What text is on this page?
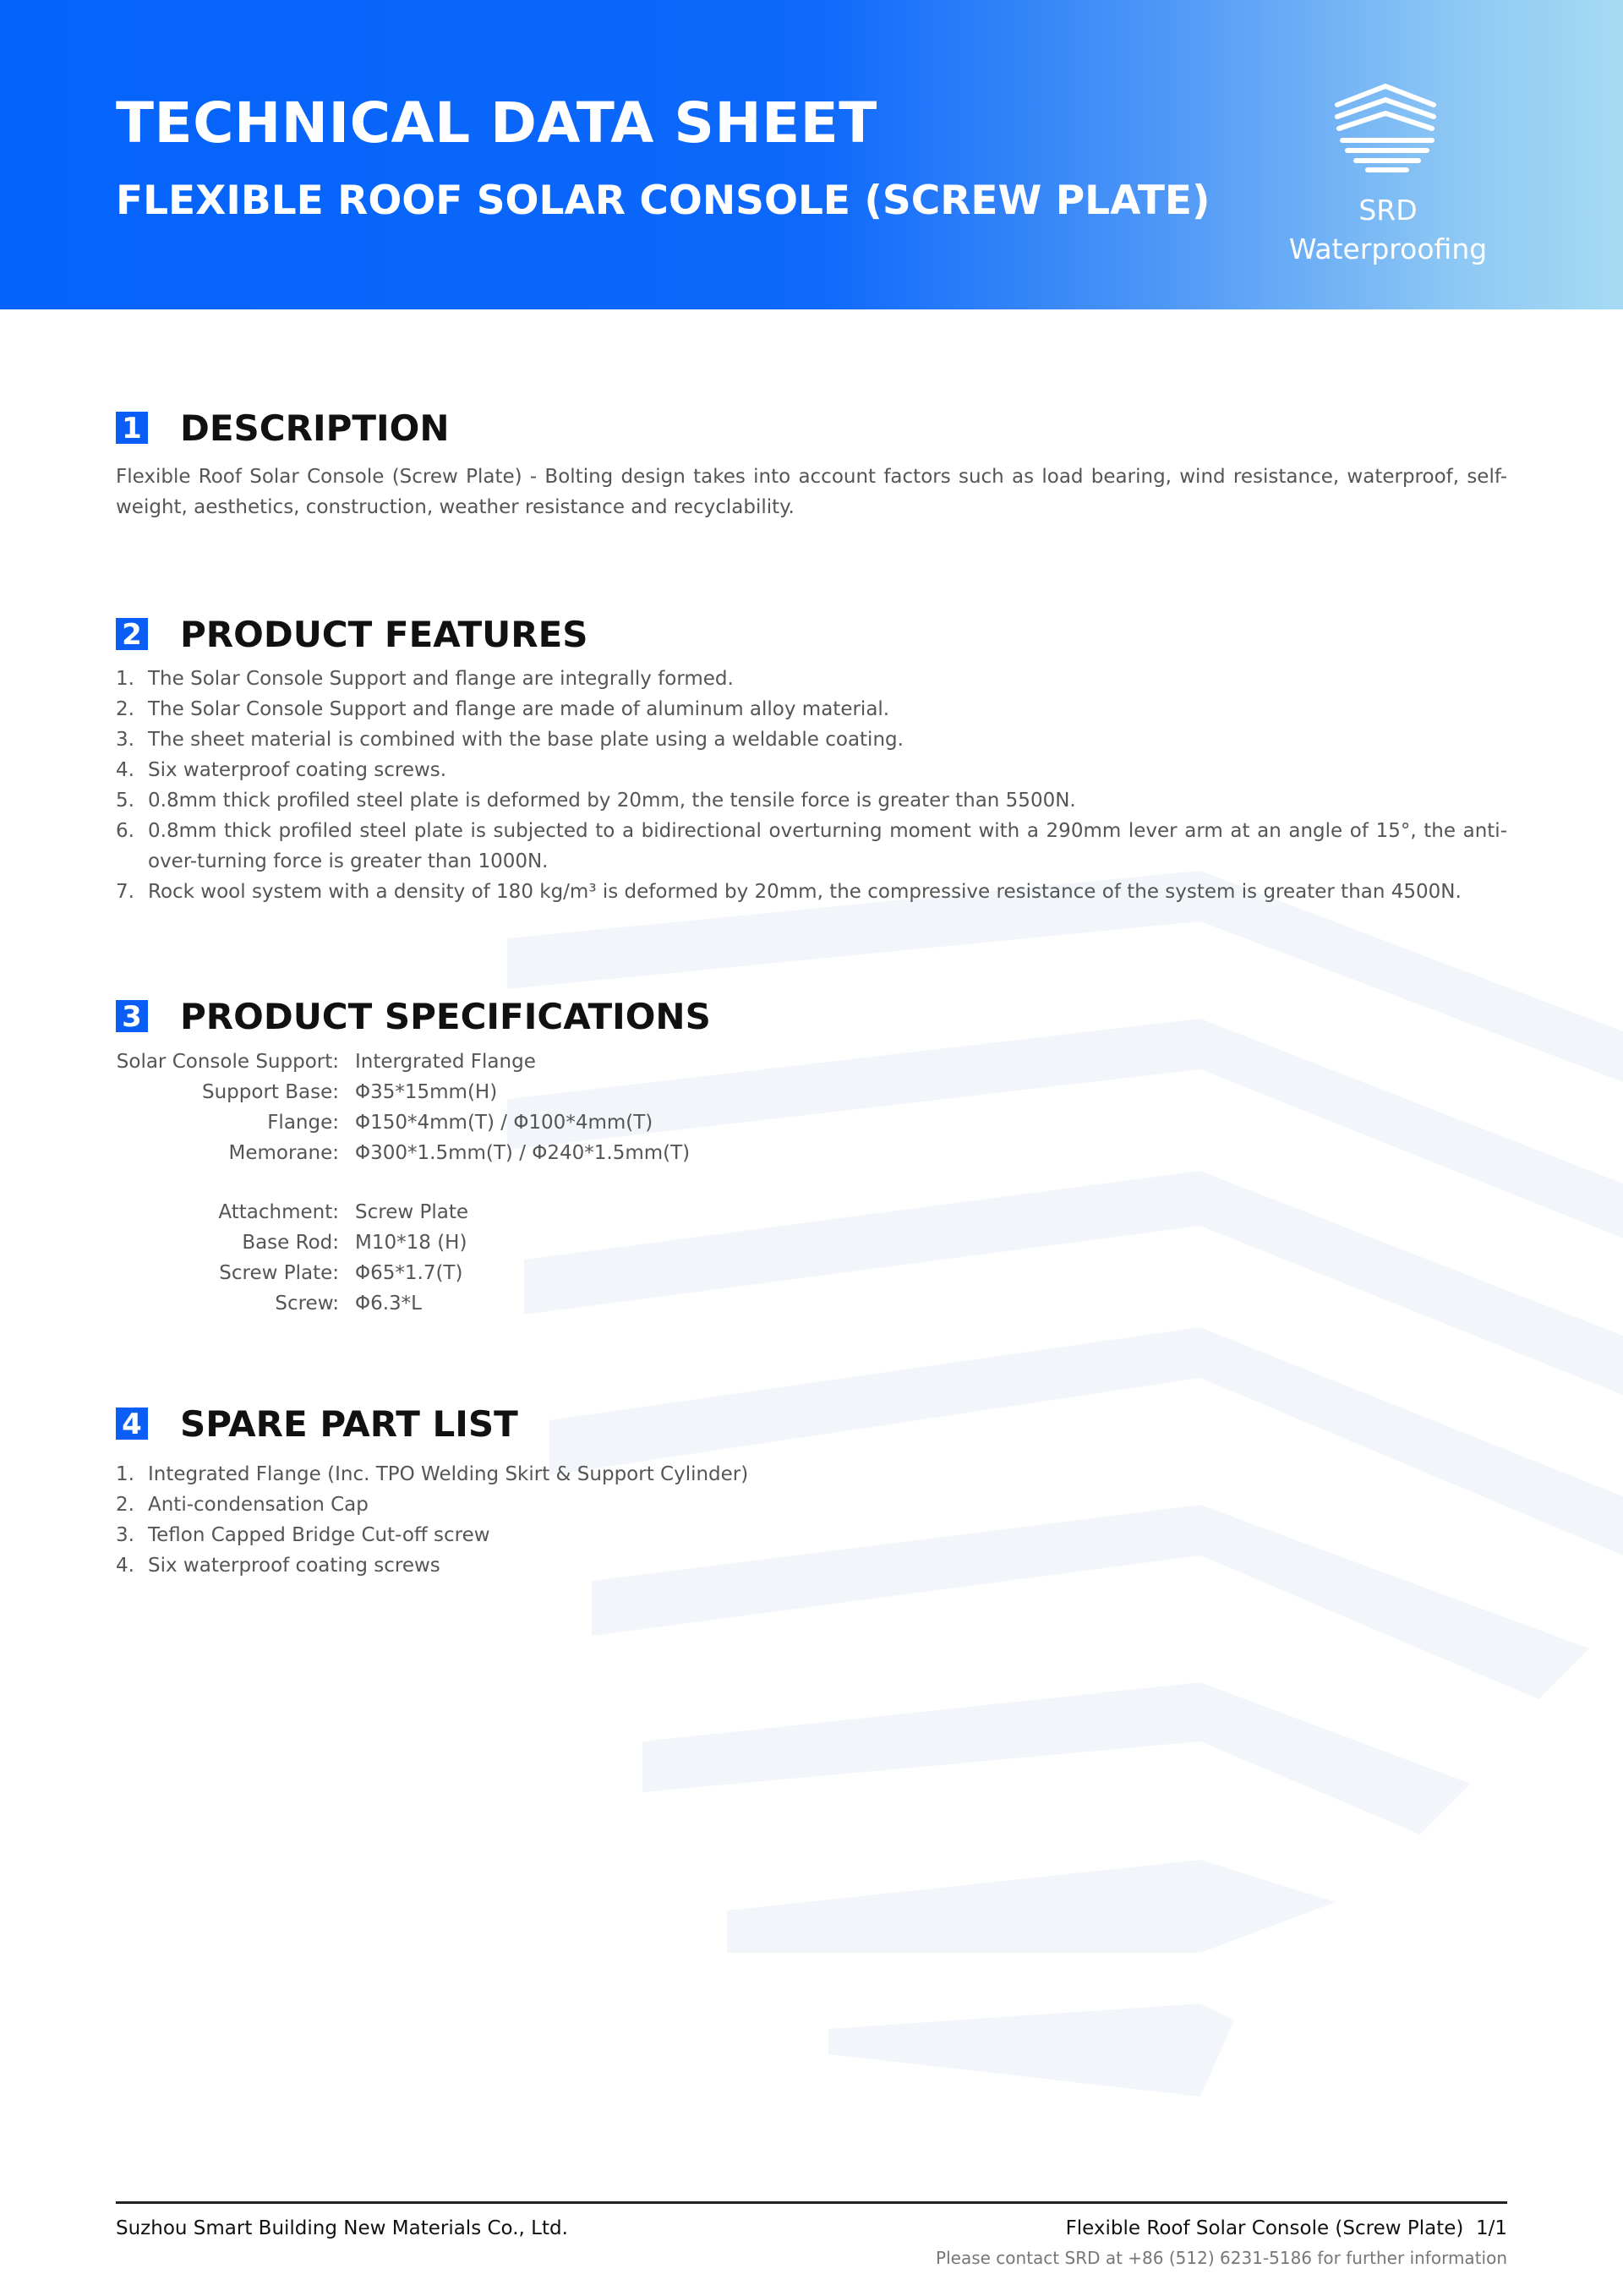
TECHNICAL DATA SHEET
FLEXIBLE ROOF SOLAR CONSOLE (SCREW PLATE)	SRD Waterproofing
1 DESCRIPTION
Flexible Roof Solar Console (Screw Plate) - Bolting design takes into account factors such as load bearing, wind resistance, waterproof, self-weight, aesthetics, construction, weather resistance and recyclability.
2 PRODUCT FEATURES
1. The Solar Console Support and flange are integrally formed.
2. The Solar Console Support and flange are made of aluminum alloy material.
3. The sheet material is combined with the base plate using a weldable coating.
4. Six waterproof coating screws.
5. 0.8mm thick profiled steel plate is deformed by 20mm, the tensile force is greater than 5500N.
6. 0.8mm thick profiled steel plate is subjected to a bidirectional overturning moment with a 290mm lever arm at an angle of 15°, the anti-over-turning force is greater than 1000N.
7. Rock wool system with a density of 180 kg/m³ is deformed by 20mm, the compressive resistance of the system is greater than 4500N.
3 PRODUCT SPECIFICATIONS
Solar Console Support: Intergrated Flange
Support Base: Φ35*15mm(H)
Flange: Φ150*4mm(T) / Φ100*4mm(T)
Memorane: Φ300*1.5mm(T) / Φ240*1.5mm(T)
Attachment: Screw Plate
Base Rod: M10*18 (H)
Screw Plate: Φ65*1.7(T)
Screw: Φ6.3*L
4 SPARE PART LIST
1. Integrated Flange (Inc. TPO Welding Skirt & Support Cylinder)
2. Anti-condensation Cap
3. Teflon Capped Bridge Cut-off screw
4. Six waterproof coating screws
Suzhou Smart Building New Materials Co., Ltd.	Flexible Roof Solar Console (Screw Plate) 1/1
Please contact SRD at +86 (512) 6231-5186 for further information
